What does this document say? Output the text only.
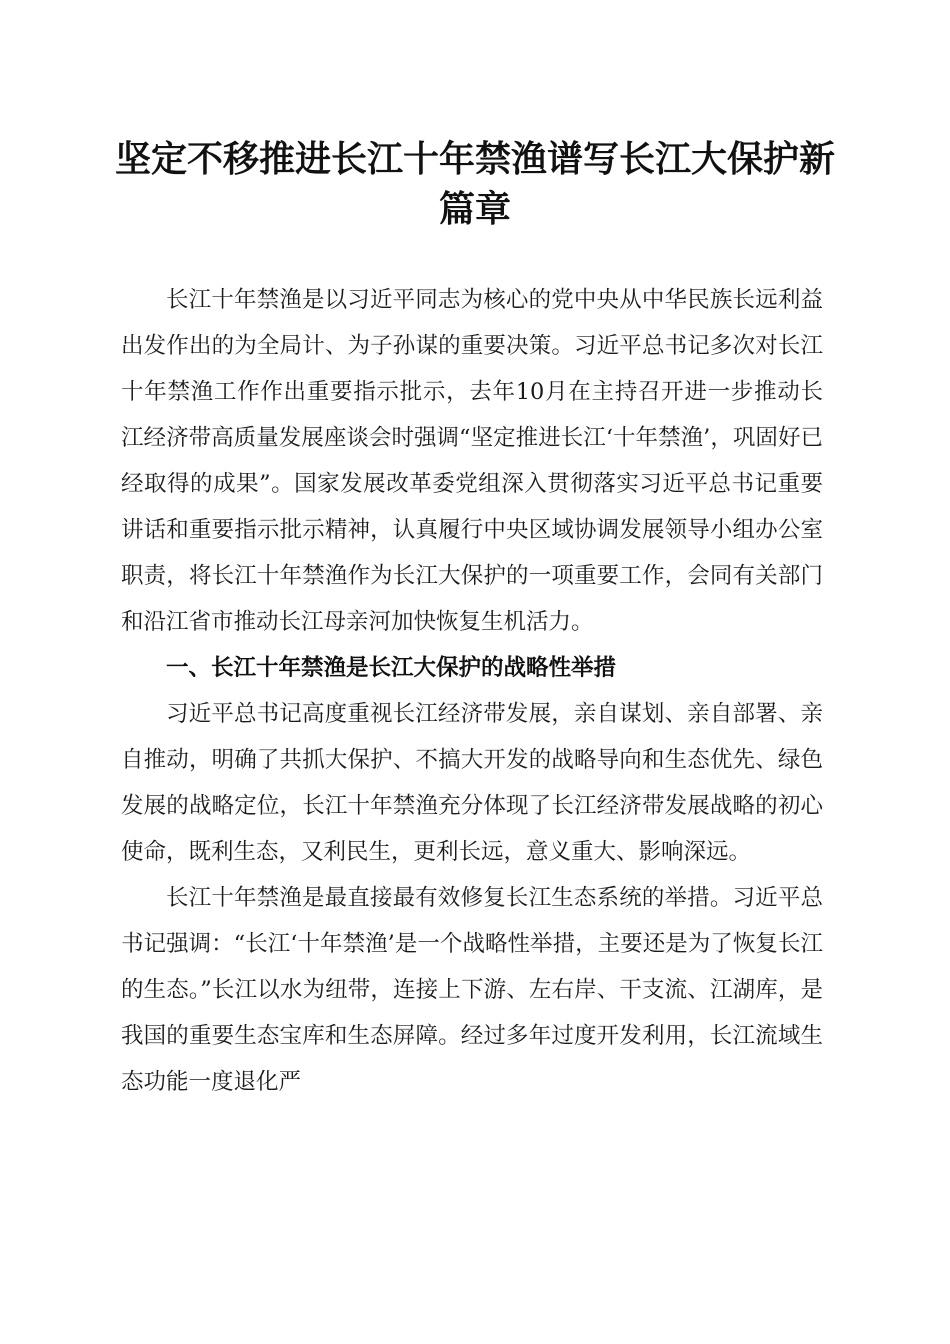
坚定不移推进长江十年禁渔谱写长江大保护新篇章

长江十年禁渔是以习近平同志为核心的党中央从中华民族长远利益出发作出的为全局计、为子孙谋的重要决策。习近平总书记多次对长江十年禁渔工作作出重要指示批示，去年10月在主持召开进一步推动长江经济带高质量发展座谈会时强调“坚定推进长江‘十年禁渔’，巩固好已经取得的成果”。国家发展改革委党组深入贯彻落实习近平总书记重要讲话和重要指示批示精神，认真履行中央区域协调发展领导小组办公室职责，将长江十年禁渔作为长江大保护的一项重要工作，会同有关部门和沿江省市推动长江母亲河加快恢复生机活力。

一、长江十年禁渔是长江大保护的战略性举措

习近平总书记高度重视长江经济带发展，亲自谋划、亲自部署、亲自推动，明确了共抓大保护、不搞大开发的战略导向和生态优先、绿色发展的战略定位，长江十年禁渔充分体现了长江经济带发展战略的初心使命，既利生态，又利民生，更利长远，意义重大、影响深远。

长江十年禁渔是最直接最有效修复长江生态系统的举措。习近平总书记强调：“长江‘十年禁渔’是一个战略性举措，主要还是为了恢复长江的生态。”长江以水为纽带，连接上下游、左右岸、干支流、江湖库，是我国的重要生态宝库和生态屏障。经过多年过度开发利用，长江流域生态功能一度退化严
